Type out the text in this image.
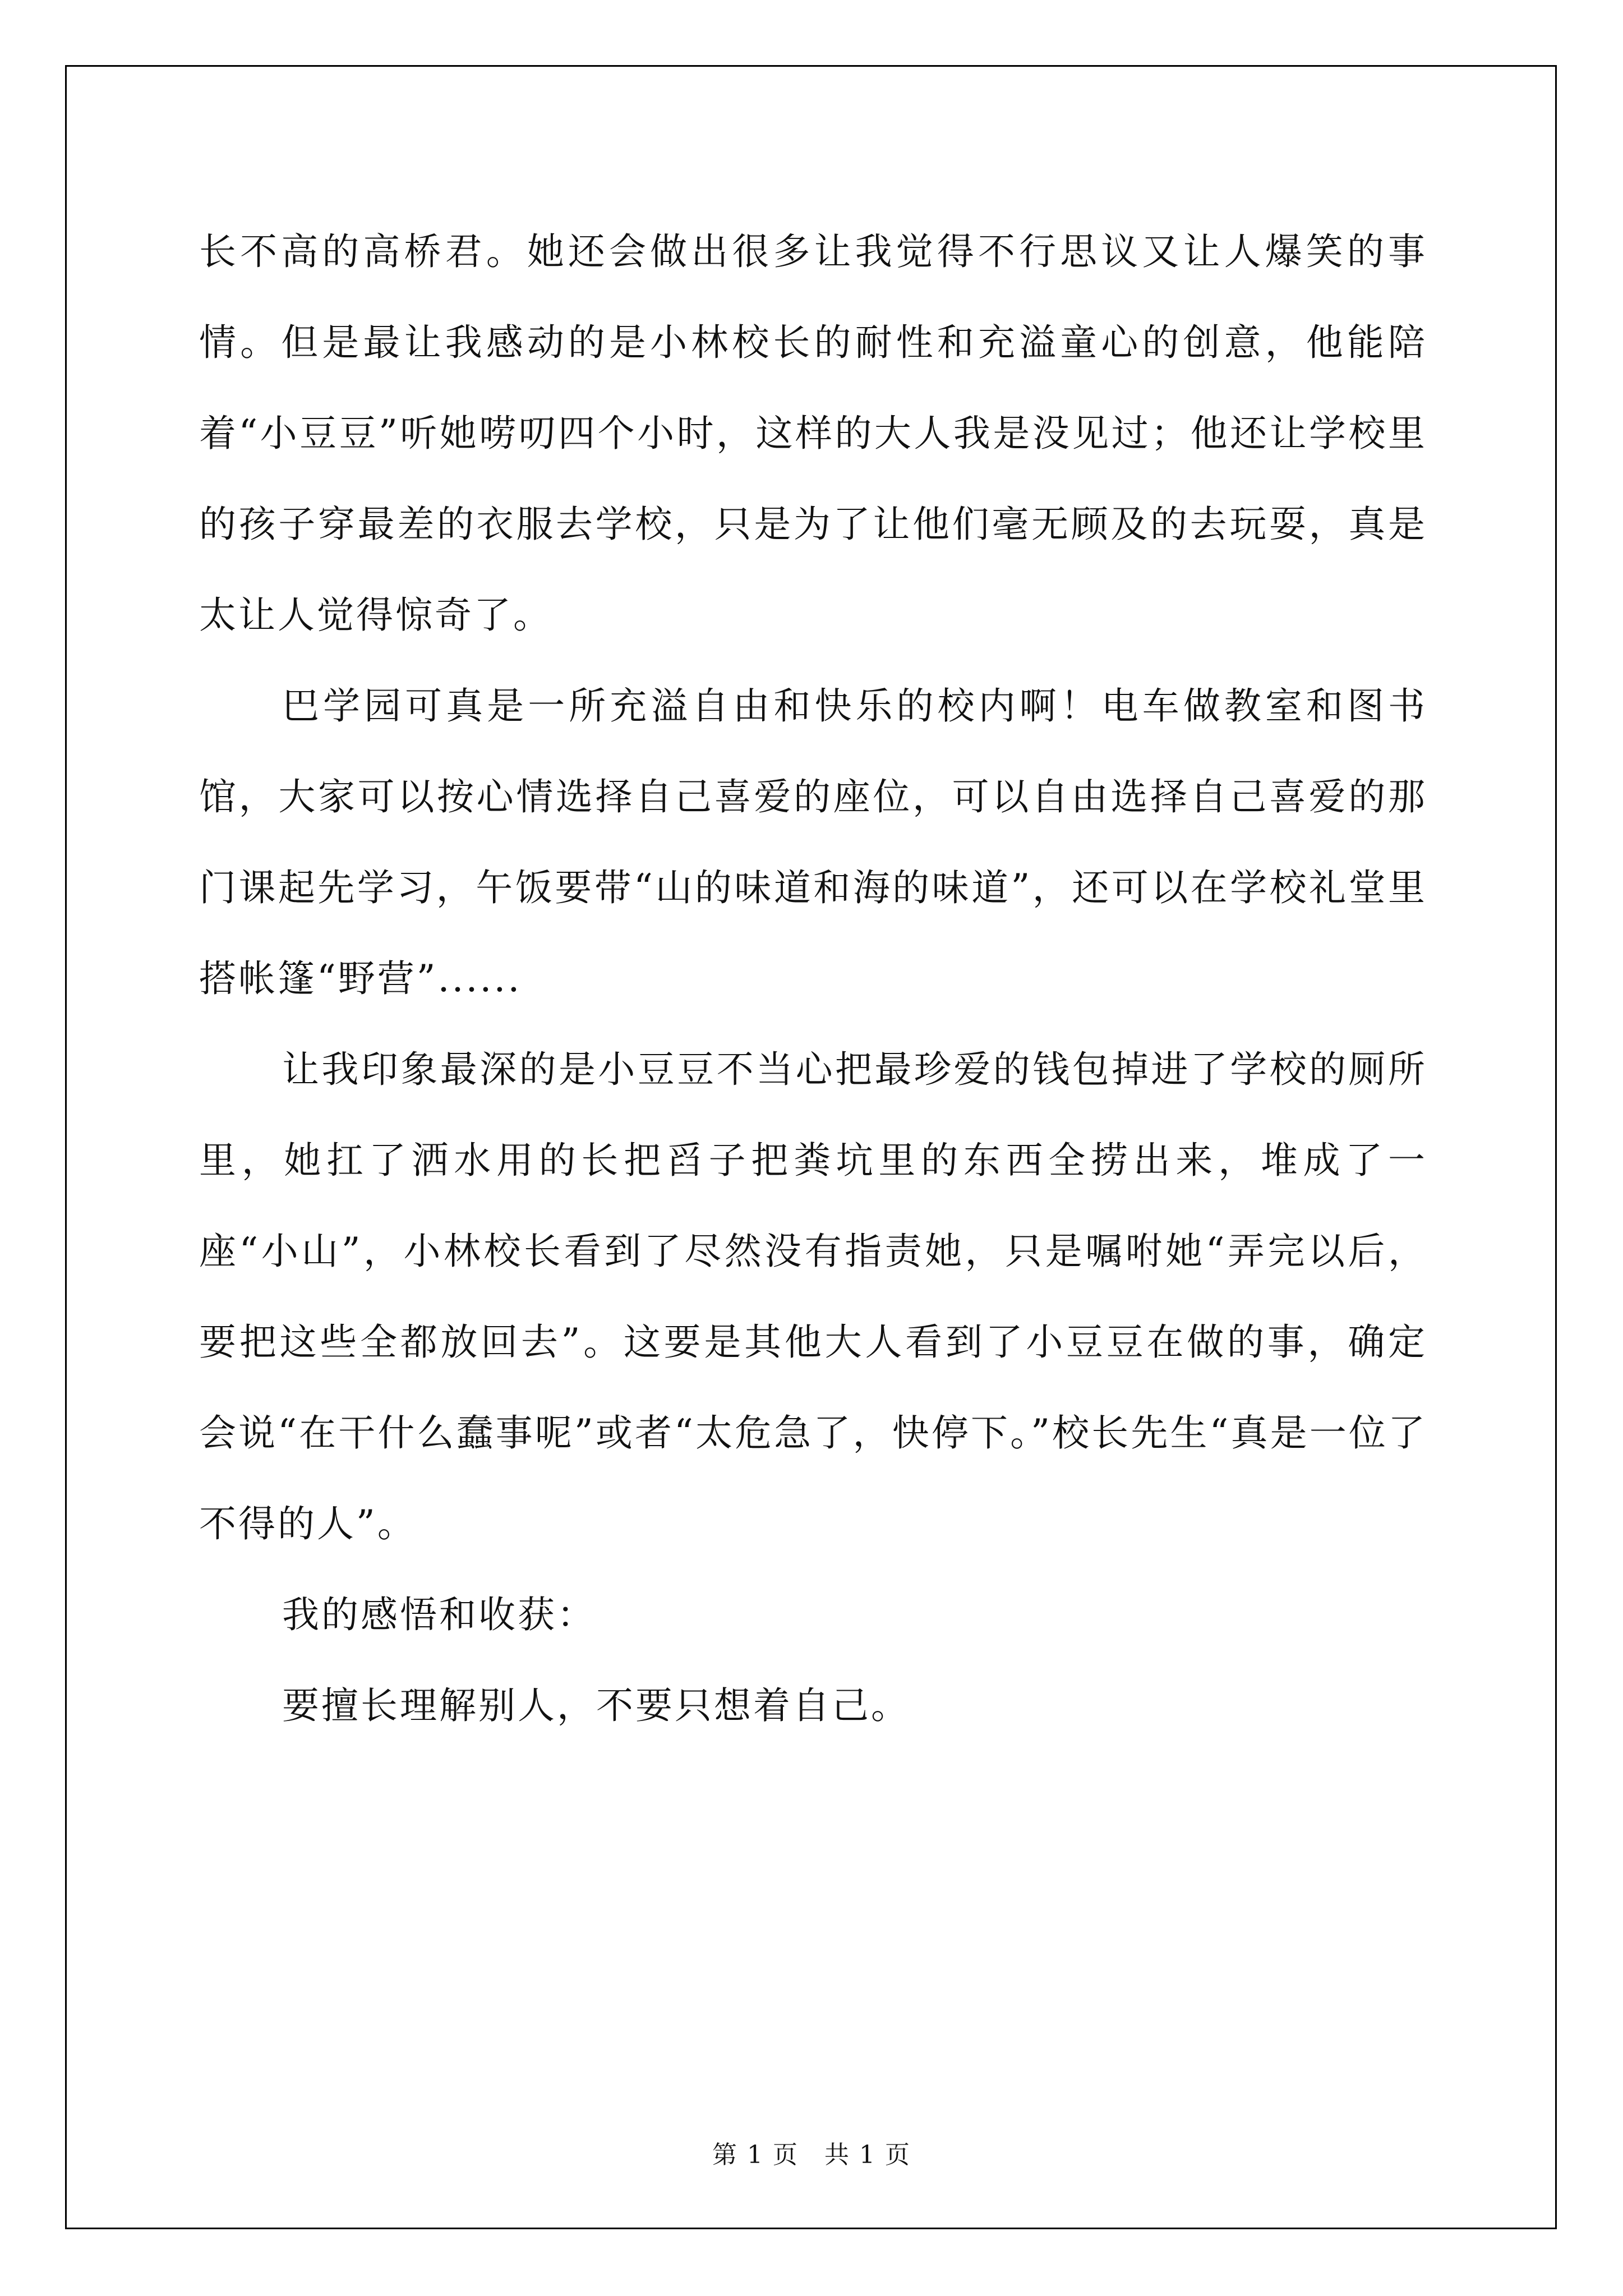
长不高的高桥君。她还会做出很多让我觉得不行思议又让人爆笑的事情。但是最让我感动的是小林校长的耐性和充溢童心的创意，他能陪着“小豆豆”听她唠叨四个小时，这样的大人我是没见过；他还让学校里的孩子穿最差的衣服去学校，只是为了让他们毫无顾及的去玩耍，真是太让人觉得惊奇了。

巴学园可真是一所充溢自由和快乐的校内啊！电车做教室和图书馆，大家可以按心情选择自己喜爱的座位，可以自由选择自己喜爱的那门课起先学习，午饭要带“山的味道和海的味道”，还可以在学校礼堂里搭帐篷“野营”......

让我印象最深的是小豆豆不当心把最珍爱的钱包掉进了学校的厕所里，她扛了洒水用的长把舀子把粪坑里的东西全捞出来，堆成了一座“小山”，小林校长看到了尽然没有指责她，只是嘱咐她“弄完以后，要把这些全都放回去”。这要是其他大人看到了小豆豆在做的事，确定会说“在干什么蠢事呢”或者“太危急了，快停下。”校长先生“真是一位了不得的人”。

我的感悟和收获：

要擅长理解别人，不要只想着自己。

第 1 页　共 1 页
